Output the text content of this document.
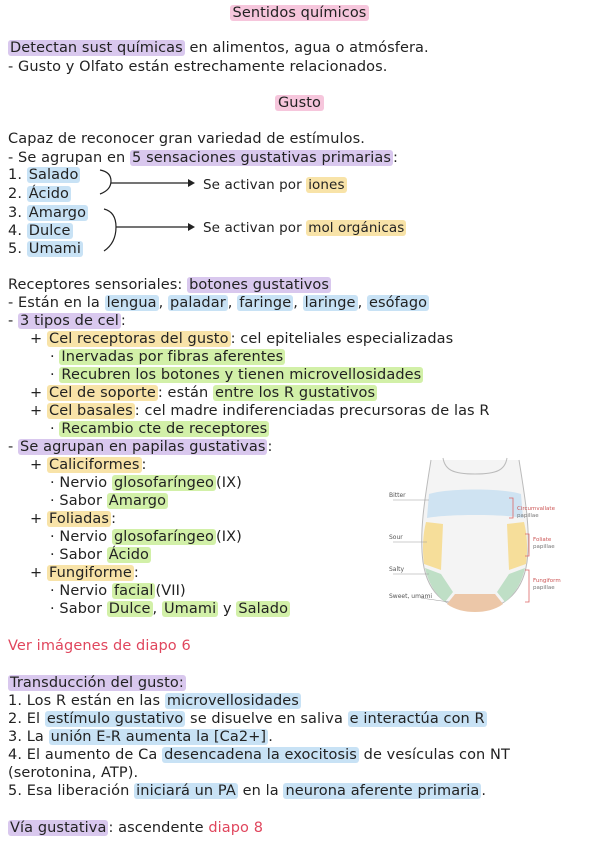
Sentidos químicos
Detectan sust químicas en alimentos, agua o atmósfera.
- Gusto y Olfato están estrechamente relacionados.
Gusto
Capaz de reconocer gran variedad de estímulos.
- Se agrupan en 5 sensaciones gustativas primarias :
1. Salado
2. Ácido
3. Amargo
4. Dulce
5. Umami
Se activan por iones
Se activan por mol orgánicas
Receptores sensoriales: botones gustativos
- Están en la lengua , paladar , faringe , laringe , esófago
- 3 tipos de cel :
+ Cel receptoras del gusto : cel epiteliales especializadas
· Inervadas por fibras aferentes
· Recubren los botones y tienen microvellosidades
+ Cel de soporte : están entre los R gustativos
+ Cel basales : cel madre indiferenciadas precursoras de las R
· Recambio cte de receptores
- Se agrupan en papilas gustativas :
+ Caliciformes :
· Nervio glosofaríngeo (IX)
· Sabor Amargo
+ Foliadas :
· Nervio glosofaríngeo (IX)
· Sabor Ácido
+ Fungiforme :
· Nervio facial (VII)
· Sabor Dulce , Umami y Salado
Bitter
Sour
Salty
Sweet, umami
Circumvallate
papillae
Foliate
papillae
Fungiform
papillae
Ver imágenes de diapo 6
Transducción del gusto:
1. Los R están en las microvellosidades
2. El estímulo gustativo se disuelve en saliva e interactúa con R
3. La unión E-R aumenta la [Ca2+] .
4. El aumento de Ca desencadena la exocitosis de vesículas con NT
(serotonina, ATP).
5. Esa liberación iniciará un PA en la neurona aferente primaria .
Vía gustativa : ascendente diapo 8
